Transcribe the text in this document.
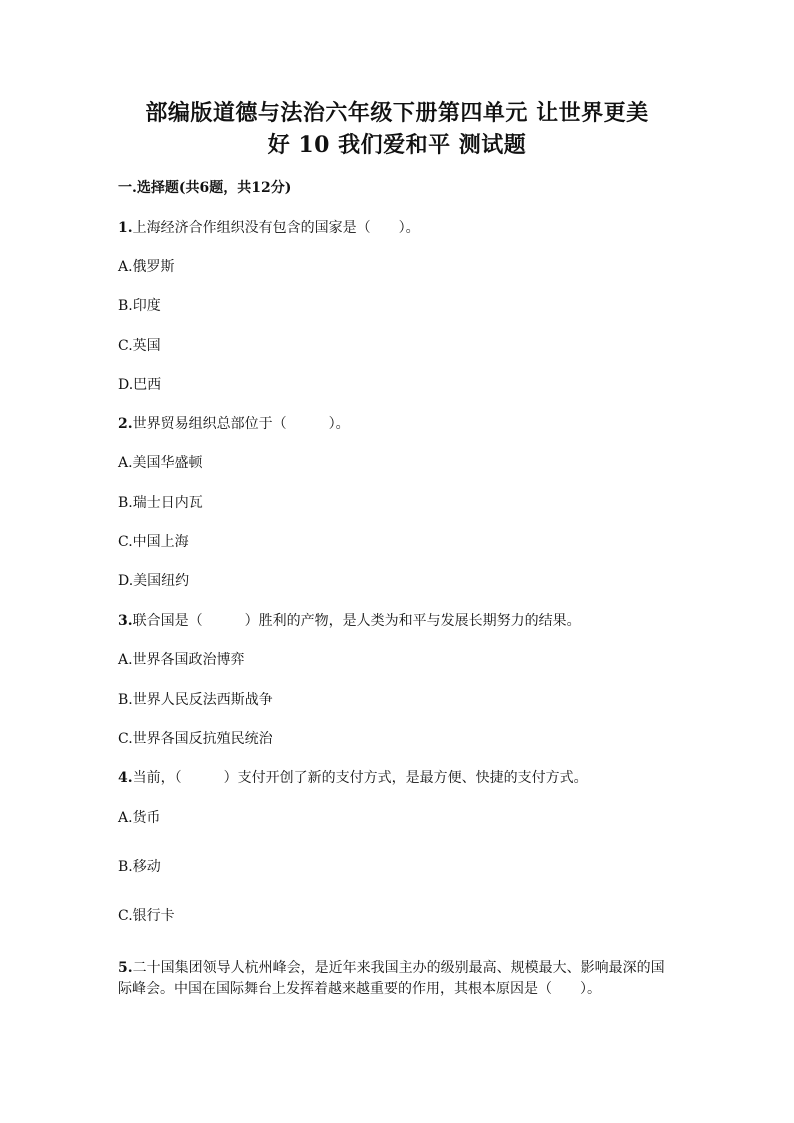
部编版道德与法治六年级下册第四单元 让世界更美
好 10 我们爱和平 测试题
一.选择题(共6题，共12分)
1.上海经济合作组织没有包含的国家是（　　）。
A.俄罗斯
B.印度
C.英国
D.巴西
2.世界贸易组织总部位于（　　　）。
A.美国华盛顿
B.瑞士日内瓦
C.中国上海
D.美国纽约
3.联合国是（　　　）胜利的产物，是人类为和平与发展长期努力的结果。
A.世界各国政治博弈
B.世界人民反法西斯战争
C.世界各国反抗殖民统治
4.当前，（　　　）支付开创了新的支付方式，是最方便、快捷的支付方式。
A.货币
B.移动
C.银行卡
5.二十国集团领导人杭州峰会，是近年来我国主办的级别最高、规模最大、影响最深的国际峰会。中国在国际舞台上发挥着越来越重要的作用，其根本原因是（　　）。
